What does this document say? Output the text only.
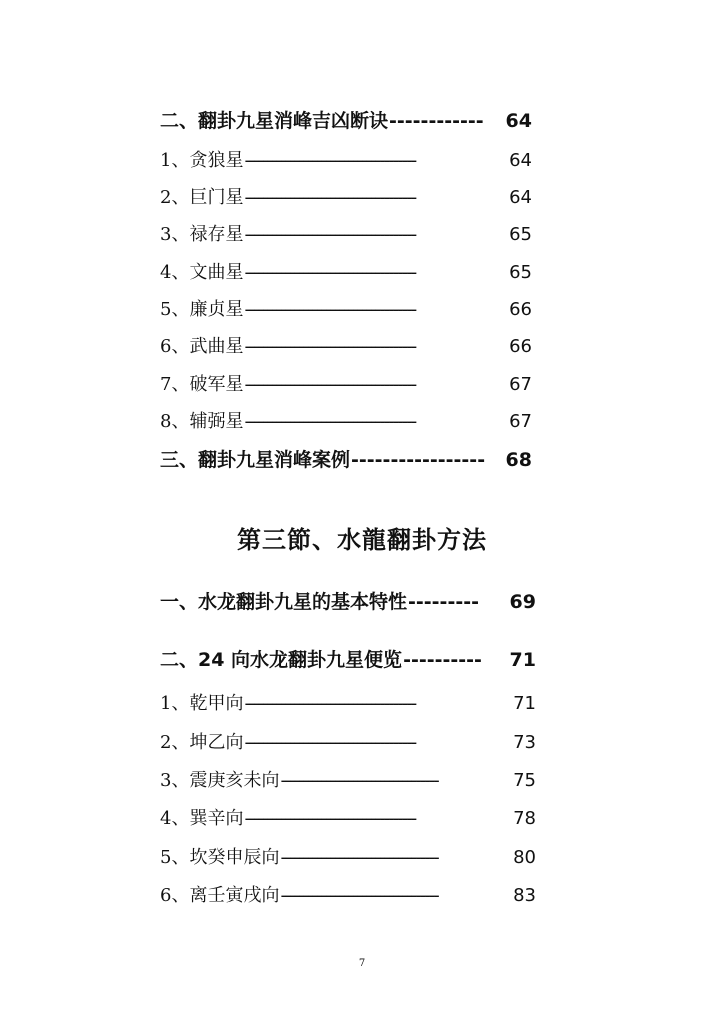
二、翻卦九星消峰吉凶断诀 ------------	64
1、贪狼星 --------------------------------------	64
2、巨门星 --------------------------------------	64
3、禄存星 --------------------------------------	65
4、文曲星 --------------------------------------	65
5、廉贞星 --------------------------------------	66
6、武曲星 --------------------------------------	66
7、破军星 --------------------------------------	67
8、辅弼星 --------------------------------------	67
三、翻卦九星消峰案例 -----------------	68
第三節、水龍翻卦方法
一、水龙翻卦九星的基本特性 ---------	69
二、24 向水龙翻卦九星便览 ----------	71
1、乾甲向 --------------------------------------	71
2、坤乙向 --------------------------------------	73
3、震庚亥未向 -----------------------------------	75
4、巽辛向 --------------------------------------	78
5、坎癸申辰向 -----------------------------------	80
6、离壬寅戌向 -----------------------------------	83
7
